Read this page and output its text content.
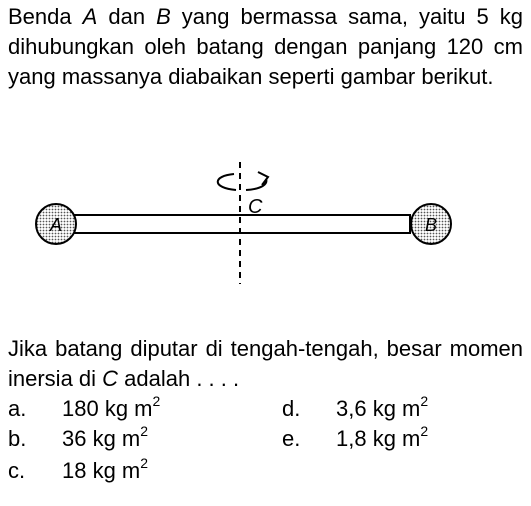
Benda A dan B yang bermassa sama, yaitu 5 kg dihubungkan oleh batang dengan panjang 120 cm yang massanya diabaikan seperti gambar berikut.
A	B
C
Jika batang diputar di tengah-tengah, besar momen inersia di C adalah . . . .
a. 180 kg $m^2$
b. 36 kg $m^2$
c. 18 kg $m^2$
d. 3,6 kg $m^2$
e. 1,8 kg $m^2$
